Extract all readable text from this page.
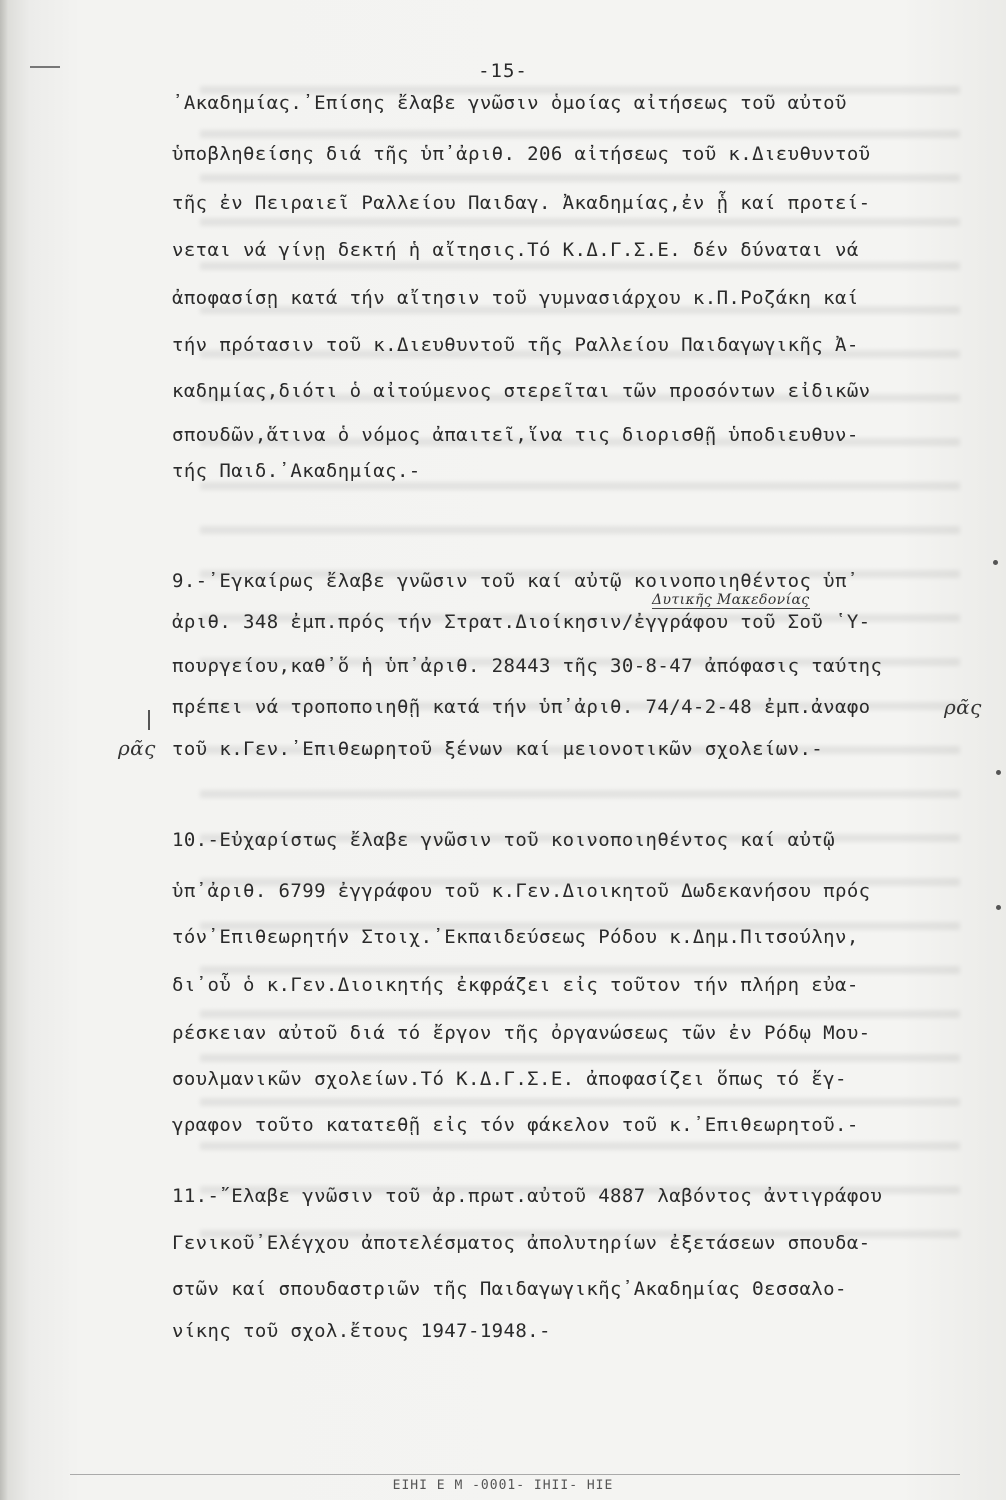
-15-
᾿Ακαδημίας.᾿Επίσης ἔλαβε γνῶσιν ὁμοίας αἰτήσεως τοῦ αὐτοῦ
ὑποβληθείσης διά τῆς ὑπ᾿ἀριθ. 206 αἰτήσεως τοῦ κ.Διευθυντοῦ
τῆς ἐν Πειραιεῖ Ραλλείου Παιδαγ. Ἀκαδημίας,ἐν ᾗ καί προτεί-
νεται νά γίνῃ δεκτή ἡ αἴτησις.Τό Κ.Δ.Γ.Σ.Ε. δέν δύναται νά
ἀποφασίσῃ κατά τήν αἴτησιν τοῦ γυμνασιάρχου κ.Π.Ροζάκη καί
τήν πρότασιν τοῦ κ.Διευθυντοῦ τῆς Ραλλείου Παιδαγωγικῆς Ἀ-
καδημίας,διότι ὁ αἰτούμενος στερεῖται τῶν προσόντων εἰδικῶν
σπουδῶν,ἅτινα ὁ νόμος ἀπαιτεῖ,ἵνα τις διορισθῇ ὑποδιευθυν-
τής Παιδ.᾿Ακαδημίας.-
9.-᾿Εγκαίρως ἔλαβε γνῶσιν τοῦ καί αὐτῷ κοινοποιηθέντος ὑπ᾿
Δυτικῆς Μακεδονίας
ἀριθ. 348 ἐμπ.πρός τήν Στρατ.Διοίκησιν/ἐγγράφου τοῦ Σοῦ ῾Υ-
πουργείου,καθ᾿ὅ ἡ ὑπ᾿ἀριθ. 28443 τῆς 30-8-47 ἀπόφασις ταύτης
πρέπει νά τροποποιηθῇ κατά τήν ὑπ᾿ἀριθ. 74/4-2-48 ἐμπ.ἀναφο	ρᾶς
ρᾶς τοῦ κ.Γεν.᾿Επιθεωρητοῦ ξένων καί μειονοτικῶν σχολείων.-
10.-Εὐχαρίστως ἔλαβε γνῶσιν τοῦ κοινοποιηθέντος καί αὐτῷ
ὑπ᾿ἀριθ. 6799 ἐγγράφου τοῦ κ.Γεν.Διοικητοῦ Δωδεκανήσου πρός
τόν᾿Επιθεωρητήν Στοιχ.᾿Εκπαιδεύσεως Ρόδου κ.Δημ.Πιτσούλην,
δι᾿οὗ ὁ κ.Γεν.Διοικητής ἐκφράζει εἰς τοῦτον τήν πλήρη εὐα-
ρέσκειαν αὐτοῦ διά τό ἔργον τῆς ὀργανώσεως τῶν ἐν Ρόδῳ Μου-
σουλμανικῶν σχολείων.Τό Κ.Δ.Γ.Σ.Ε. ἀποφασίζει ὅπως τό ἔγ-
γραφον τοῦτο κατατεθῇ εἰς τόν φάκελον τοῦ κ.᾿Επιθεωρητοῦ.-
11.-῎Ελαβε γνῶσιν τοῦ ἀρ.πρωτ.αὐτοῦ 4887 λαβόντος ἀντιγράφου
Γενικοῦ᾿Ελέγχου ἀποτελέσματος ἀπολυτηρίων ἐξετάσεων σπουδα-
στῶν καί σπουδαστριῶν τῆς Παιδαγωγικῆς᾿Ακαδημίας Θεσσαλο-
νίκης τοῦ σχολ.ἔτους 1947-1948.-
ΕΙΗΙ Ε Μ -0001- ΙΗΙΙ- ΗΙΕ
